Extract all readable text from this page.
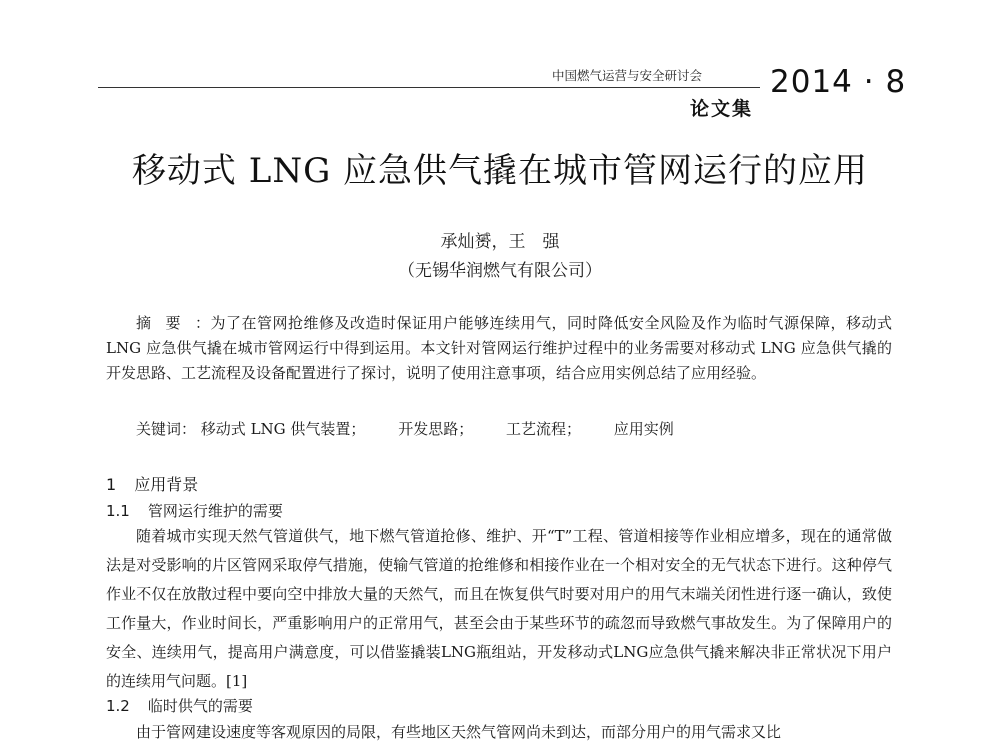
中国燃气运营与安全研讨会	2014 · 8
论文集
移动式 LNG 应急供气撬在城市管网运行的应用
承灿赟，王　强
（无锡华润燃气有限公司）

摘要：为了在管网抢维修及改造时保证用户能够连续用气，同时降低安全风险及作为临时气源保障，移动式 LNG 应急供气撬在城市管网运行中得到运用。本文针对管网运行维护过程中的业务需要对移动式 LNG 应急供气撬的开发思路、工艺流程及设备配置进行了探讨，说明了使用注意事项，结合应用实例总结了应用经验。

关键词： 移动式 LNG 供气装置； 开发思路； 工艺流程； 应用实例
1 应用背景
1.1 管网运行维护的需要

随着城市实现天然气管道供气，地下燃气管道抢修、维护、开“T”工程、管道相接等作业相应增多，现在的通常做法是对受影响的片区管网采取停气措施，使输气管道的抢维修和相接作业在一个相对安全的无气状态下进行。这种停气作业不仅在放散过程中要向空中排放大量的天然气，而且在恢复供气时要对用户的用气末端关闭性进行逐一确认，致使工作量大，作业时间长，严重影响用户的正常用气，甚至会由于某些环节的疏忽而导致燃气事故发生。为了保障用户的安全、连续用气，提高用户满意度，可以借鉴撬装LNG瓶组站，开发移动式LNG应急供气撬来解决非正常状况下用户的连续用气问题。[1]

1.2 临时供气的需要

由于管网建设速度等客观原因的局限，有些地区天然气管网尚未到达，而部分用户的用气需求又比
